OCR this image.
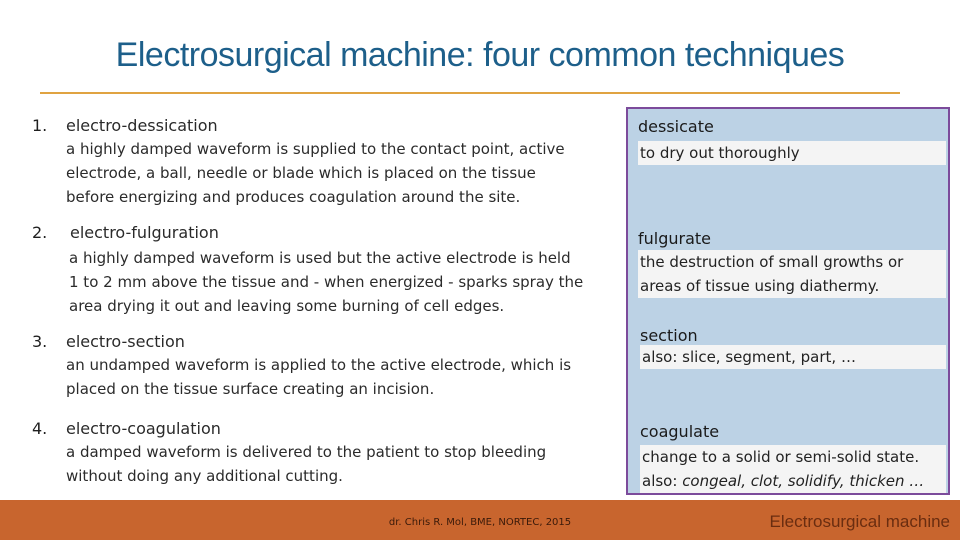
Electrosurgical machine: four common techniques
1. electro-dessication
a highly damped waveform is supplied to the contact point, active
electrode, a ball, needle or blade which is placed on the tissue
before energizing and produces coagulation around the site.
2. electro-fulguration
a highly damped waveform is used but the active electrode is held
1 to 2 mm above the tissue and - when energized - sparks spray the
area drying it out and leaving some burning of cell edges.
3. electro-section
an undamped waveform is applied to the active electrode, which is
placed on the tissue surface creating an incision.
4. electro-coagulation
a damped waveform is delivered to the patient to stop bleeding
without doing any additional cutting.
dessicate
to dry out thoroughly
fulgurate
the destruction of small growths or
areas of tissue using diathermy.
section
also: slice, segment, part, …
coagulate
change to a solid or semi-solid state.
also: congeal, clot, solidify, thicken …
dr. Chris R. Mol, BME, NORTEC, 2015	Electrosurgical machine
